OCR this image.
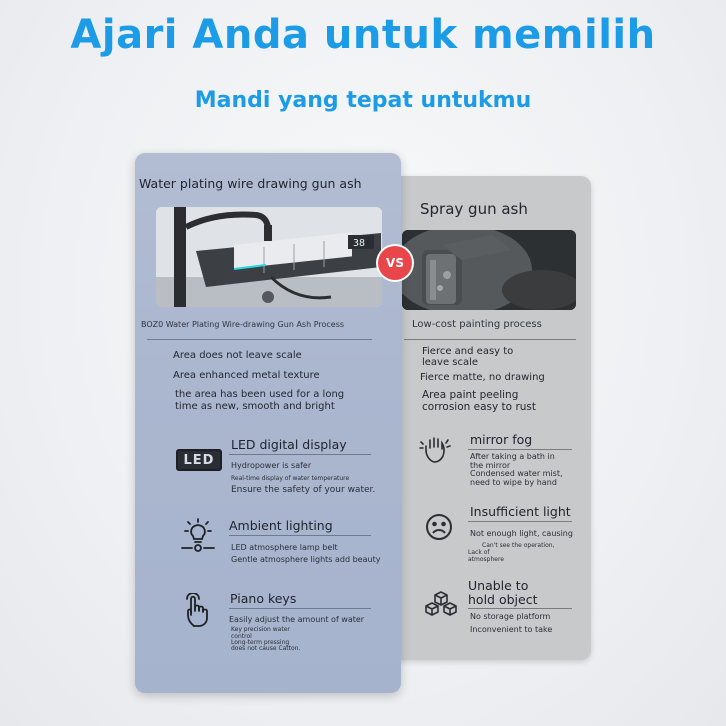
Ajari Anda untuk memilih
Mandi yang tepat untukmu
Spray gun ash
Low-cost painting process
Fierce and easy to
leave scale
Fierce matte, no drawing
Area paint peeling
corrosion easy to rust
mirror fog
After taking a bath in
the mirror
Condensed water mist,
need to wipe by hand
Insufficient light
Not enough light, causing
Can't see the operation,
Lack of
atmosphere
Unable to
hold object
No storage platform
Inconvenient to take
Water plating wire drawing gun ash
38
BOZ0 Water Plating Wire-drawing Gun Ash Process
Area does not leave scale
Area enhanced metal texture
the area has been used for a long
time as new, smooth and bright
LED
LED digital display
Hydropower is safer
Real-time display of water temperature
Ensure the safety of your water.
Ambient lighting
LED atmosphere lamp belt
Gentle atmosphere lights add beauty
Piano keys
Easily adjust the amount of water
Key precision water
control
Long-term pressing
does not cause Catton.
VS
